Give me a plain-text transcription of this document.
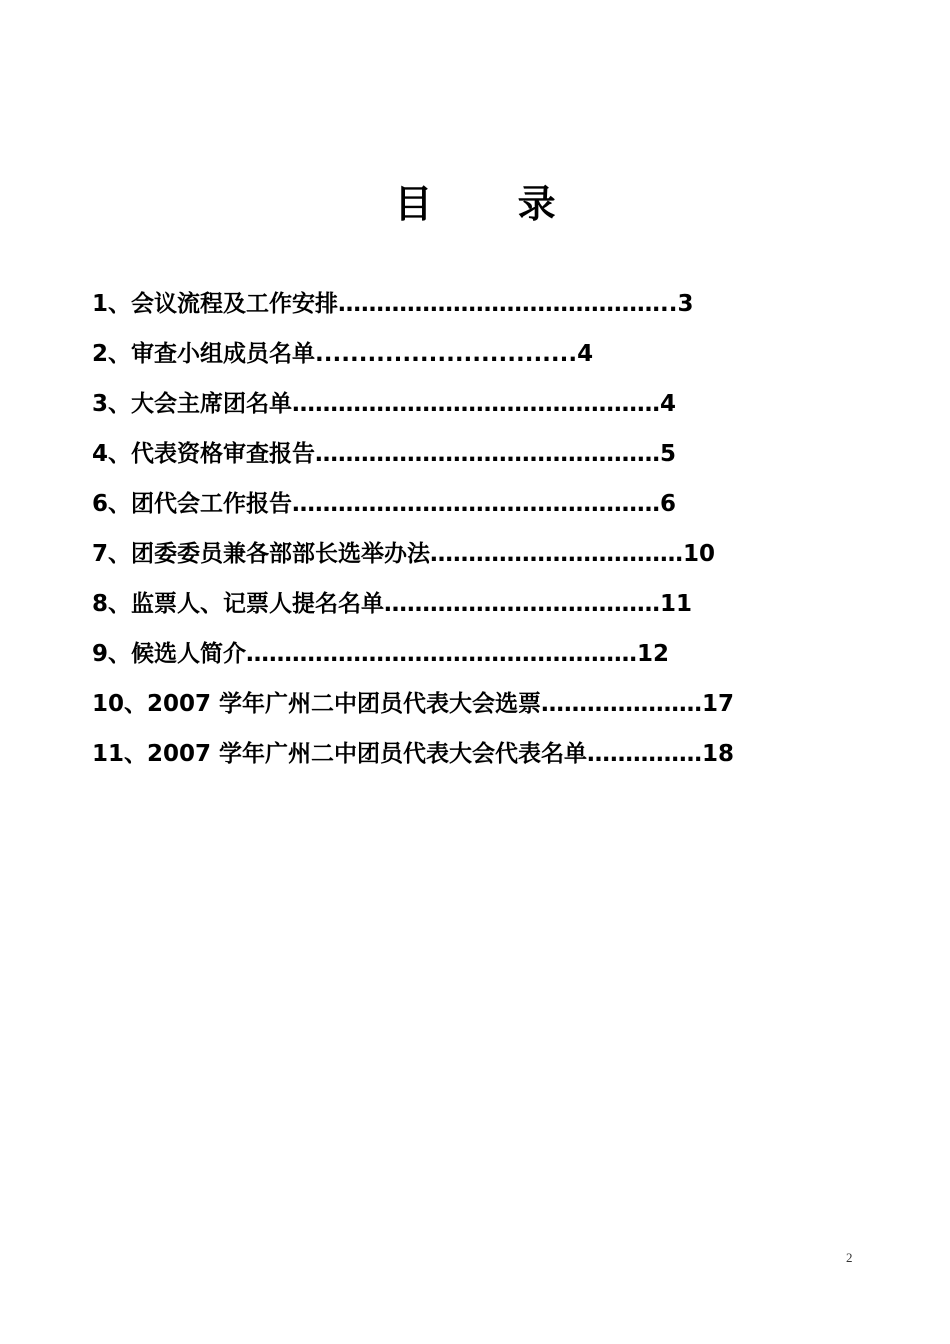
目 录
1、会议流程及工作安排……………………………………..3
2、审查小组成员名单..............................4
3、大会主席团名单…………………………………………4
4、代表资格审查报告………………………………………5
6、团代会工作报告…………………………………………6
7、团委委员兼各部部长选举办法……………………………10
8、监票人、记票人提名名单………………………………11
9、候选人简介……………………………………………12
10、2007 学年广州二中团员代表大会选票…………………17
11、2007 学年广州二中团员代表大会代表名单……………18
2
